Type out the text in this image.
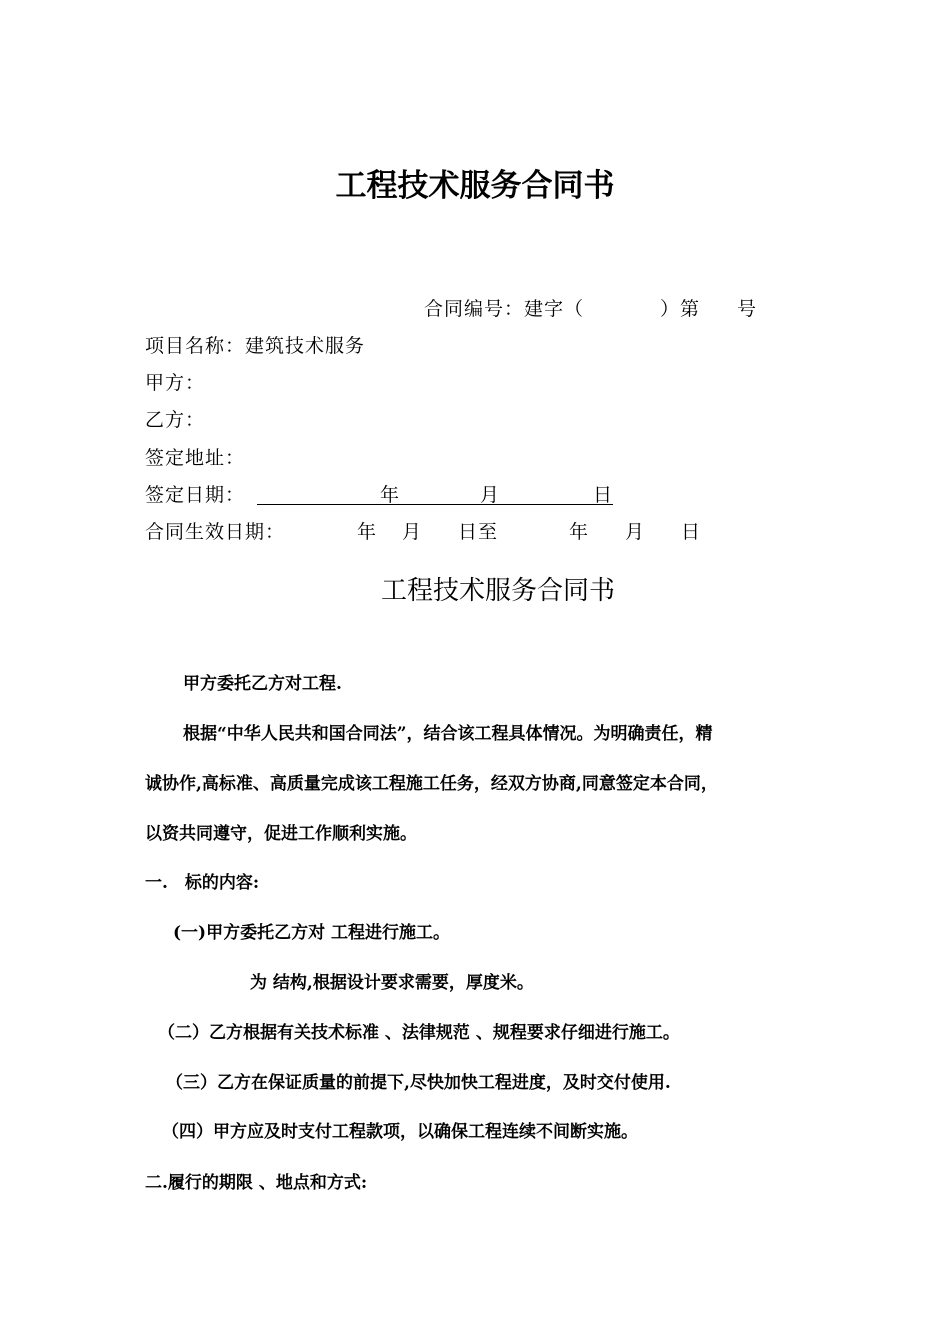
工程技术服务合同书
合同编号：建字（	）第 号
项目名称：建筑技术服务
甲方：
乙方：
签定地址：
签定日期：	年	月	日
合同生效日期：	年 月 日至	年 月 日
工程技术服务合同书
甲方委托乙方对工程.
根据“中华人民共和国合同法”，结合该工程具体情况。为明确责任，精
诚协作,高标准、高质量完成该工程施工任务，经双方协商,同意签定本合同，
以资共同遵守，促进工作顺利实施。
一.　标的内容:
(一)甲方委托乙方对 工程进行施工。
为 结构,根据设计要求需要，厚度米。
（二）乙方根据有关技术标准 、法律规范 、规程要求仔细进行施工。
（三）乙方在保证质量的前提下,尽快加快工程进度，及时交付使用.
（四）甲方应及时支付工程款项，以确保工程连续不间断实施。
二.履行的期限 、地点和方式:
